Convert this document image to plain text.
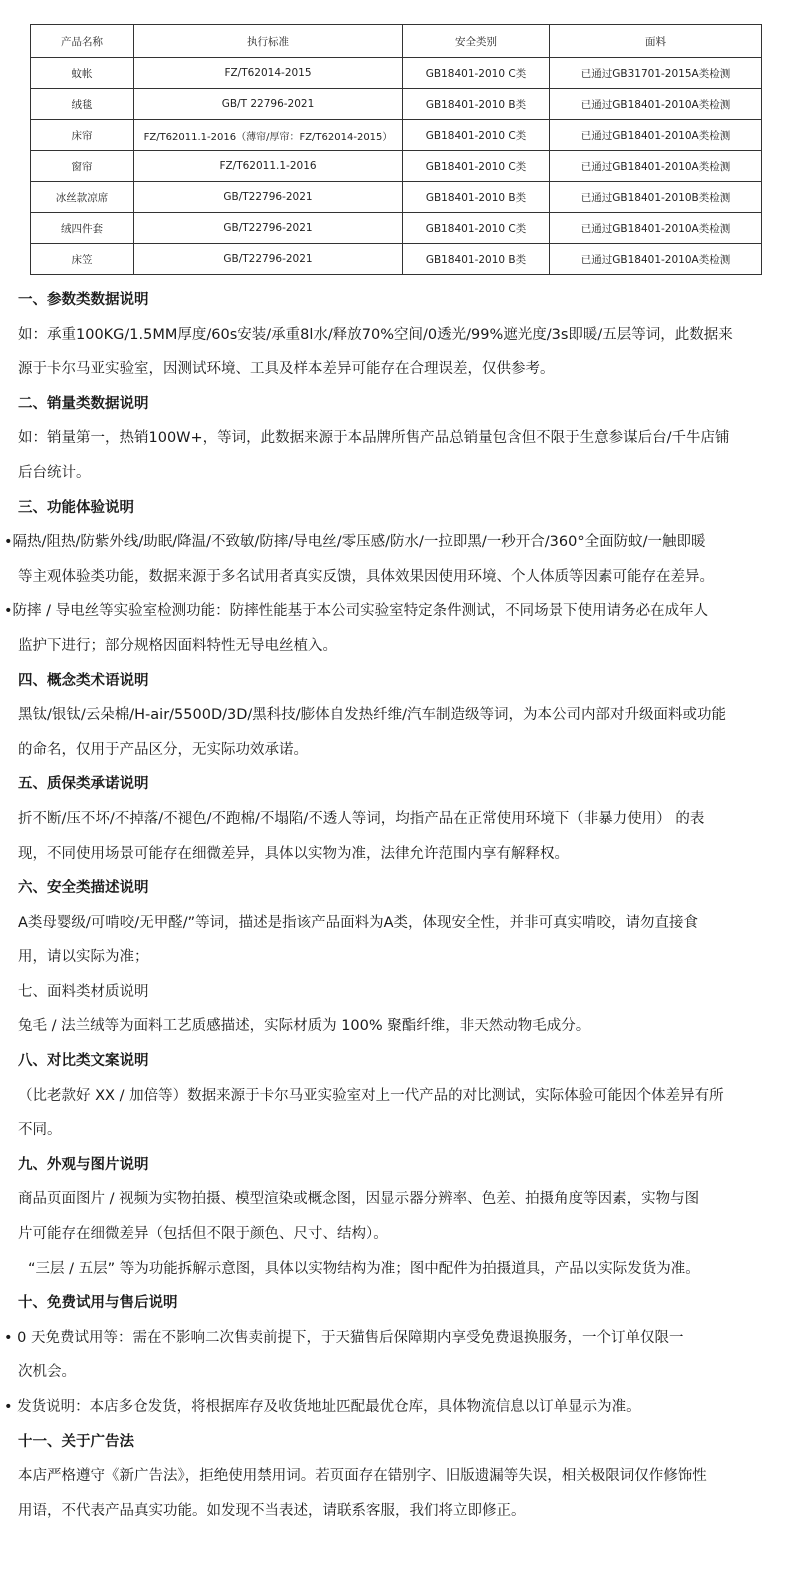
产品名称	执行标准	安全类别	面料
蚊帐	FZ/T62014-2015	GB18401-2010 C类	已通过GB31701-2015A类检测
绒毯	GB/T 22796-2021	GB18401-2010 B类	已通过GB18401-2010A类检测
床帘	FZ/T62011.1-2016（薄帘/厚帘：FZ/T62014-2015）	GB18401-2010 C类	已通过GB18401-2010A类检测
窗帘	FZ/T62011.1-2016	GB18401-2010 C类	已通过GB18401-2010A类检测
冰丝款凉席	GB/T22796-2021	GB18401-2010 B类	已通过GB18401-2010B类检测
绒四件套	GB/T22796-2021	GB18401-2010 C类	已通过GB18401-2010A类检测
床笠	GB/T22796-2021	GB18401-2010 B类	已通过GB18401-2010A类检测
一、参数类数据说明
如：承重100KG/1.5MM厚度/60s安装/承重8l水/释放70%空间/0透光/99%遮光度/3s即暖/五层等词，此数据来
源于卡尔马亚实验室，因测试环境、工具及样本差异可能存在合理误差，仅供参考。
二、销量类数据说明
如：销量第一，热销100W+，等词，此数据来源于本品牌所售产品总销量包含但不限于生意参谋后台/千牛店铺
后台统计。
三、功能体验说明
•隔热/阻热/防紫外线/助眠/降温/不致敏/防摔/导电丝/零压感/防水/一拉即黑/一秒开合/360°全面防蚊/一触即暖
等主观体验类功能，数据来源于多名试用者真实反馈，具体效果因使用环境、个人体质等因素可能存在差异。
•防摔 / 导电丝等实验室检测功能：防摔性能基于本公司实验室特定条件测试，不同场景下使用请务必在成年人
监护下进行；部分规格因面料特性无导电丝植入。
四、概念类术语说明
黑钛/银钛/云朵棉/H-air/5500D/3D/黑科技/膨体自发热纤维/汽车制造级等词，为本公司内部对升级面料或功能
的命名，仅用于产品区分，无实际功效承诺。
五、质保类承诺说明
折不断/压不坏/不掉落/不褪色/不跑棉/不塌陷/不透人等词，均指产品在正常使用环境下（非暴力使用） 的表
现，不同使用场景可能存在细微差异，具体以实物为准，法律允许范围内享有解释权。
六、安全类描述说明
A类母婴级/可啃咬/无甲醛/”等词，描述是指该产品面料为A类，体现安全性，并非可真实啃咬，请勿直接食
用，请以实际为准；
七、面料类材质说明
兔毛 / 法兰绒等为面料工艺质感描述，实际材质为 100% 聚酯纤维，非天然动物毛成分。
八、对比类文案说明
（比老款好 XX / 加倍等）数据来源于卡尔马亚实验室对上一代产品的对比测试，实际体验可能因个体差异有所
不同。
九、外观与图片说明
商品页面图片 / 视频为实物拍摄、模型渲染或概念图，因显示器分辨率、色差、拍摄角度等因素，实物与图
片可能存在细微差异（包括但不限于颜色、尺寸、结构）。
“三层 / 五层” 等为功能拆解示意图，具体以实物结构为准；图中配件为拍摄道具，产品以实际发货为准。
十、免费试用与售后说明
• 0 天免费试用等：需在不影响二次售卖前提下，于天猫售后保障期内享受免费退换服务，一个订单仅限一
次机会。
• 发货说明：本店多仓发货，将根据库存及收货地址匹配最优仓库，具体物流信息以订单显示为准。
十一、关于广告法
本店严格遵守《新广告法》，拒绝使用禁用词。若页面存在错别字、旧版遗漏等失误，相关极限词仅作修饰性
用语，不代表产品真实功能。如发现不当表述，请联系客服，我们将立即修正。
